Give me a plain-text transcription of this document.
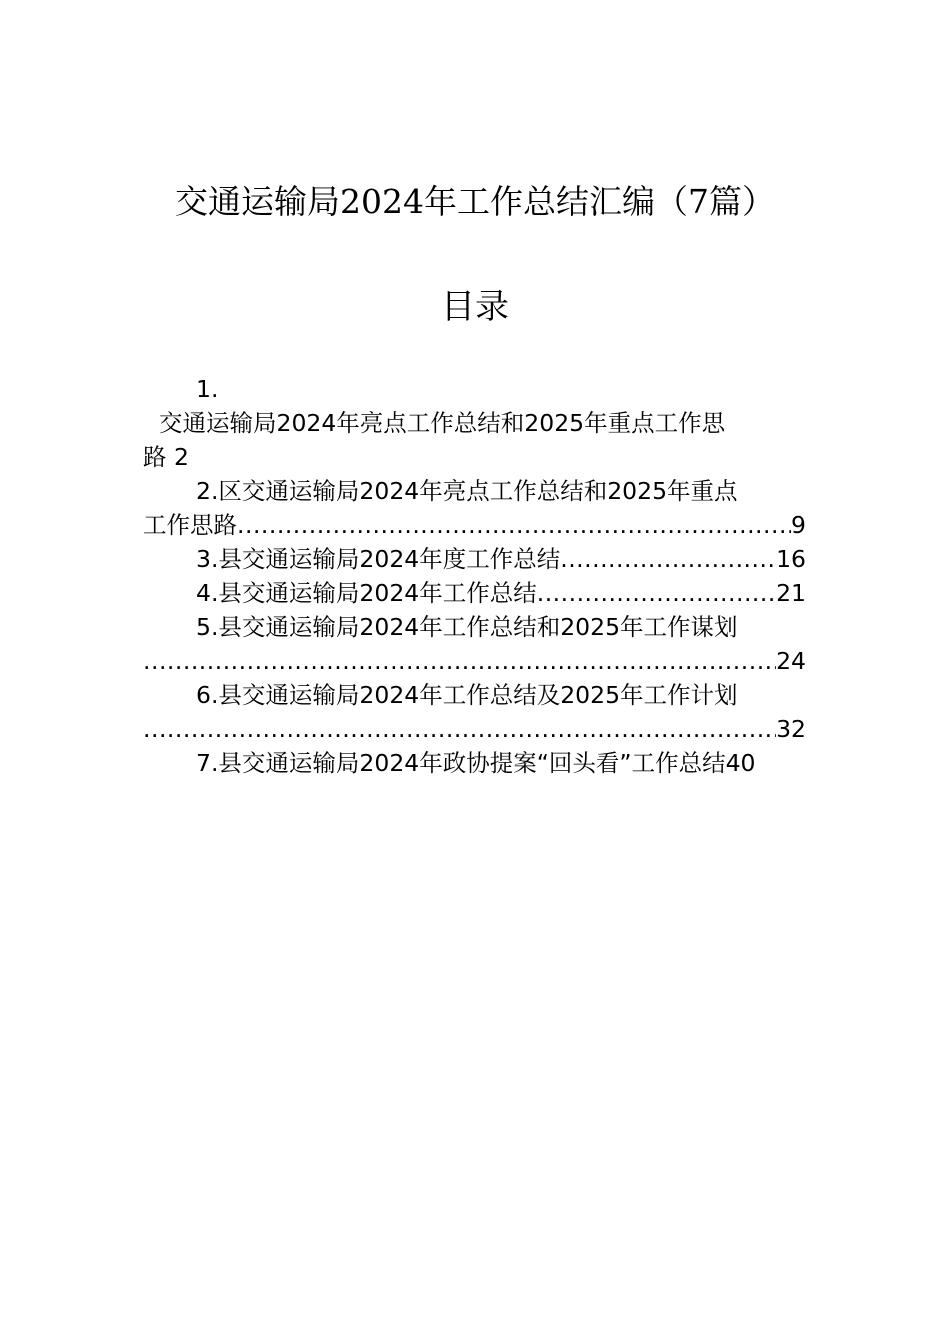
交通运输局2024年工作总结汇编（7篇）
目录
1.
交通运输局2024年亮点工作总结和2025年重点工作思
路 2
2.区交通运输局2024年亮点工作总结和2025年重点
工作思路 .....	9
3.县交通运输局2024年度工作总结 .....	16
4.县交通运输局2024年工作总结 .....	21
5.县交通运输局2024年工作总结和2025年工作谋划
.....
24
6.县交通运输局2024年工作总结及2025年工作计划
.....
32
7.县交通运输局2024年政协提案“回头看”工作总结 40
